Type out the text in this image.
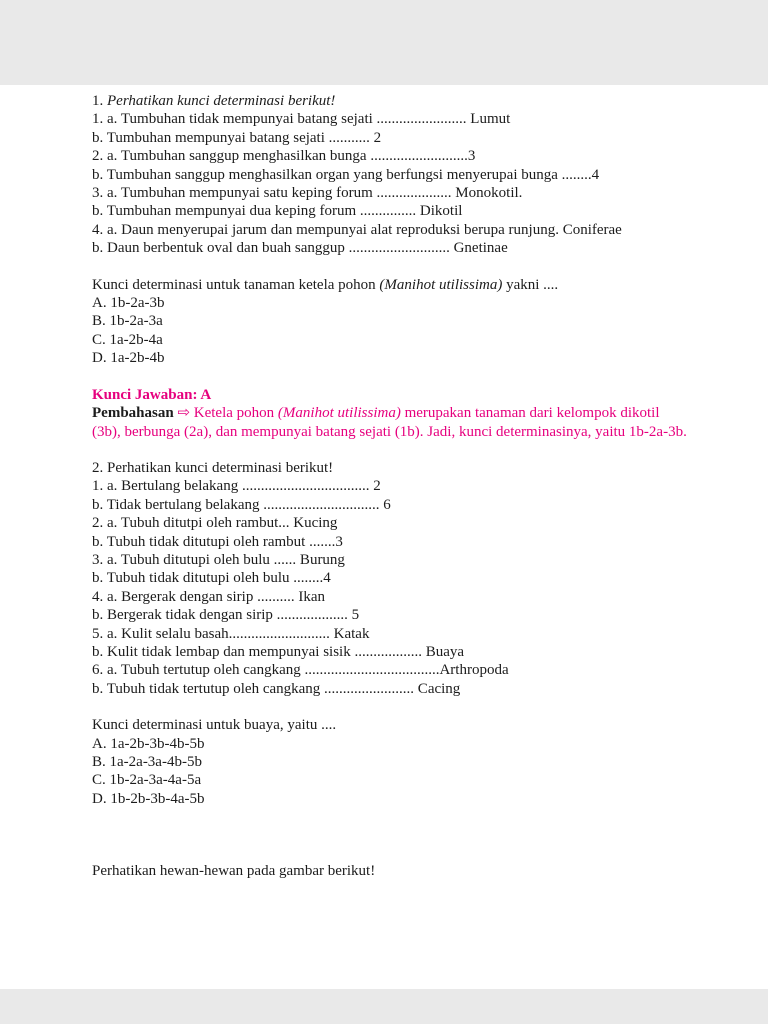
1. Perhatikan kunci determinasi berikut!

1. a. Tumbuhan tidak mempunyai batang sejati ........................ Lumut

b. Tumbuhan mempunyai batang sejati ........... 2

2. a. Tumbuhan sanggup menghasilkan bunga ..........................3

b. Tumbuhan sanggup menghasilkan organ yang berfungsi menyerupai bunga ........4

3. a. Tumbuhan mempunyai satu keping forum .................... Monokotil.

b. Tumbuhan mempunyai dua keping forum ............... Dikotil

4. a. Daun menyerupai jarum dan mempunyai alat reproduksi berupa runjung. Coniferae

b. Daun berbentuk oval dan buah sanggup ........................... Gnetinae

Kunci determinasi untuk tanaman ketela pohon (Manihot utilissima) yakni ....

A. 1b-2a-3b

B. 1b-2a-3a

C. 1a-2b-4a

D. 1a-2b-4b

Kunci Jawaban: A

Pembahasan ⇨ Ketela pohon (Manihot utilissima) merupakan tanaman dari kelompok dikotil (3b), berbunga (2a), dan mempunyai batang sejati (1b). Jadi, kunci determinasinya, yaitu 1b-2a-3b.

2. Perhatikan kunci determinasi berikut!

1. a. Bertulang belakang .................................. 2

b. Tidak bertulang belakang ............................... 6

2. a. Tubuh ditutpi oleh rambut... Kucing

b. Tubuh tidak ditutupi oleh rambut .......3

3. a. Tubuh ditutupi oleh bulu ...... Burung

b. Tubuh tidak ditutupi oleh bulu ........4

4. a. Bergerak dengan sirip .......... Ikan

b. Bergerak tidak dengan sirip ................... 5

5. a. Kulit selalu basah........................... Katak

b. Kulit tidak lembap dan mempunyai sisik .................. Buaya

6. a. Tubuh tertutup oleh cangkang ....................................Arthropoda

b. Tubuh tidak tertutup oleh cangkang ........................ Cacing

Kunci determinasi untuk buaya, yaitu ....

A. 1a-2b-3b-4b-5b

B. 1a-2a-3a-4b-5b

C. 1b-2a-3a-4a-5a

D. 1b-2b-3b-4a-5b

Perhatikan hewan-hewan pada gambar berikut!
